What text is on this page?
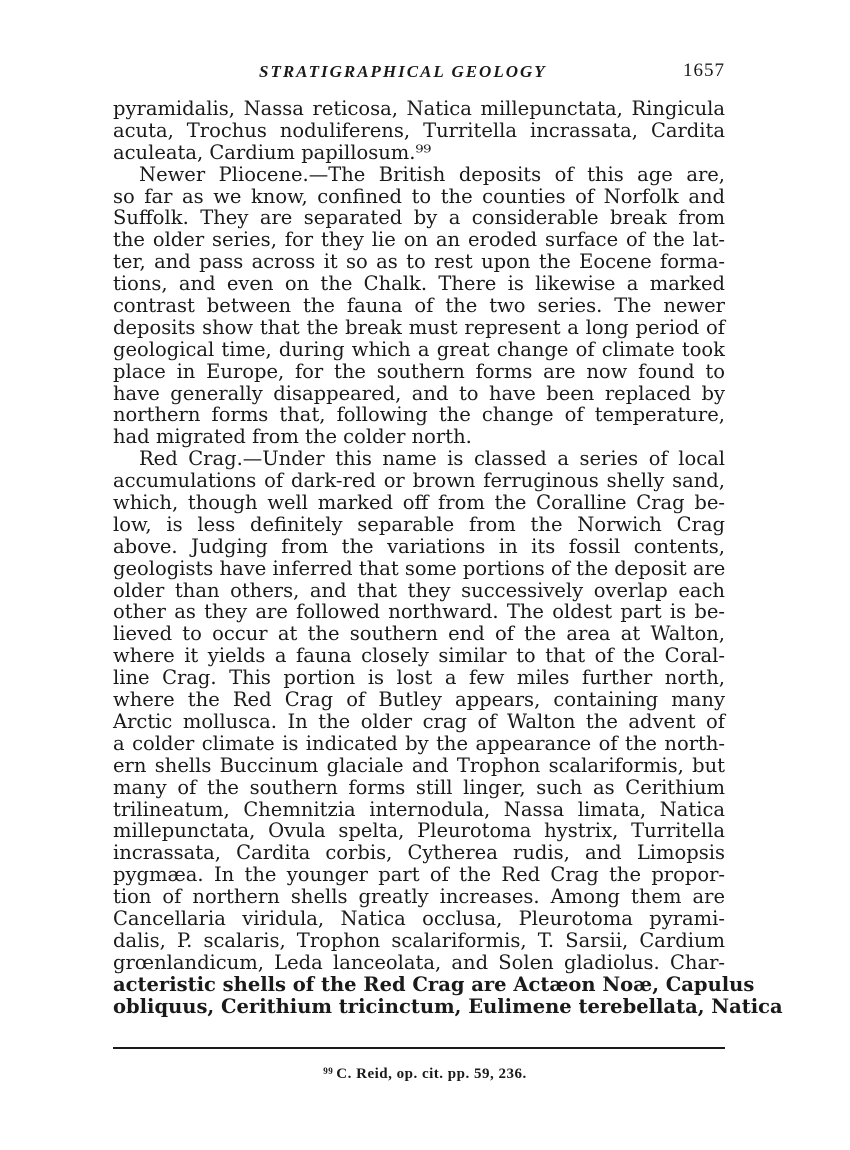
STRATIGRAPHICAL GEOLOGY	1657
pyramidalis, Nassa reticosa, Natica millepunctata, Ringicula
acuta, Trochus noduliferens, Turritella incrassata, Cardita
aculeata, Cardium papillosum.⁹⁹
Newer Pliocene.—The British deposits of this age are,
so far as we know, confined to the counties of Norfolk and
Suffolk. They are separated by a considerable break from
the older series, for they lie on an eroded surface of the lat-
ter, and pass across it so as to rest upon the Eocene forma-
tions, and even on the Chalk. There is likewise a marked
contrast between the fauna of the two series. The newer
deposits show that the break must represent a long period of
geological time, during which a great change of climate took
place in Europe, for the southern forms are now found to
have generally disappeared, and to have been replaced by
northern forms that, following the change of temperature,
had migrated from the colder north.
Red Crag.—Under this name is classed a series of local
accumulations of dark-red or brown ferruginous shelly sand,
which, though well marked off from the Coralline Crag be-
low, is less definitely separable from the Norwich Crag
above. Judging from the variations in its fossil contents,
geologists have inferred that some portions of the deposit are
older than others, and that they successively overlap each
other as they are followed northward. The oldest part is be-
lieved to occur at the southern end of the area at Walton,
where it yields a fauna closely similar to that of the Coral-
line Crag. This portion is lost a few miles further north,
where the Red Crag of Butley appears, containing many
Arctic mollusca. In the older crag of Walton the advent of
a colder climate is indicated by the appearance of the north-
ern shells Buccinum glaciale and Trophon scalariformis, but
many of the southern forms still linger, such as Cerithium
trilineatum, Chemnitzia internodula, Nassa limata, Natica
millepunctata, Ovula spelta, Pleurotoma hystrix, Turritella
incrassata, Cardita corbis, Cytherea rudis, and Limopsis
pygmæa. In the younger part of the Red Crag the propor-
tion of northern shells greatly increases. Among them are
Cancellaria viridula, Natica occlusa, Pleurotoma pyrami-
dalis, P. scalaris, Trophon scalariformis, T. Sarsii, Cardium
grœnlandicum, Leda lanceolata, and Solen gladiolus. Char-
acteristic shells of the Red Crag are Actæon Noæ, Capulus
obliquus, Cerithium tricinctum, Eulimene terebellata, Natica
$^{99}$ C. Reid, op. cit. pp. 59, 236.
